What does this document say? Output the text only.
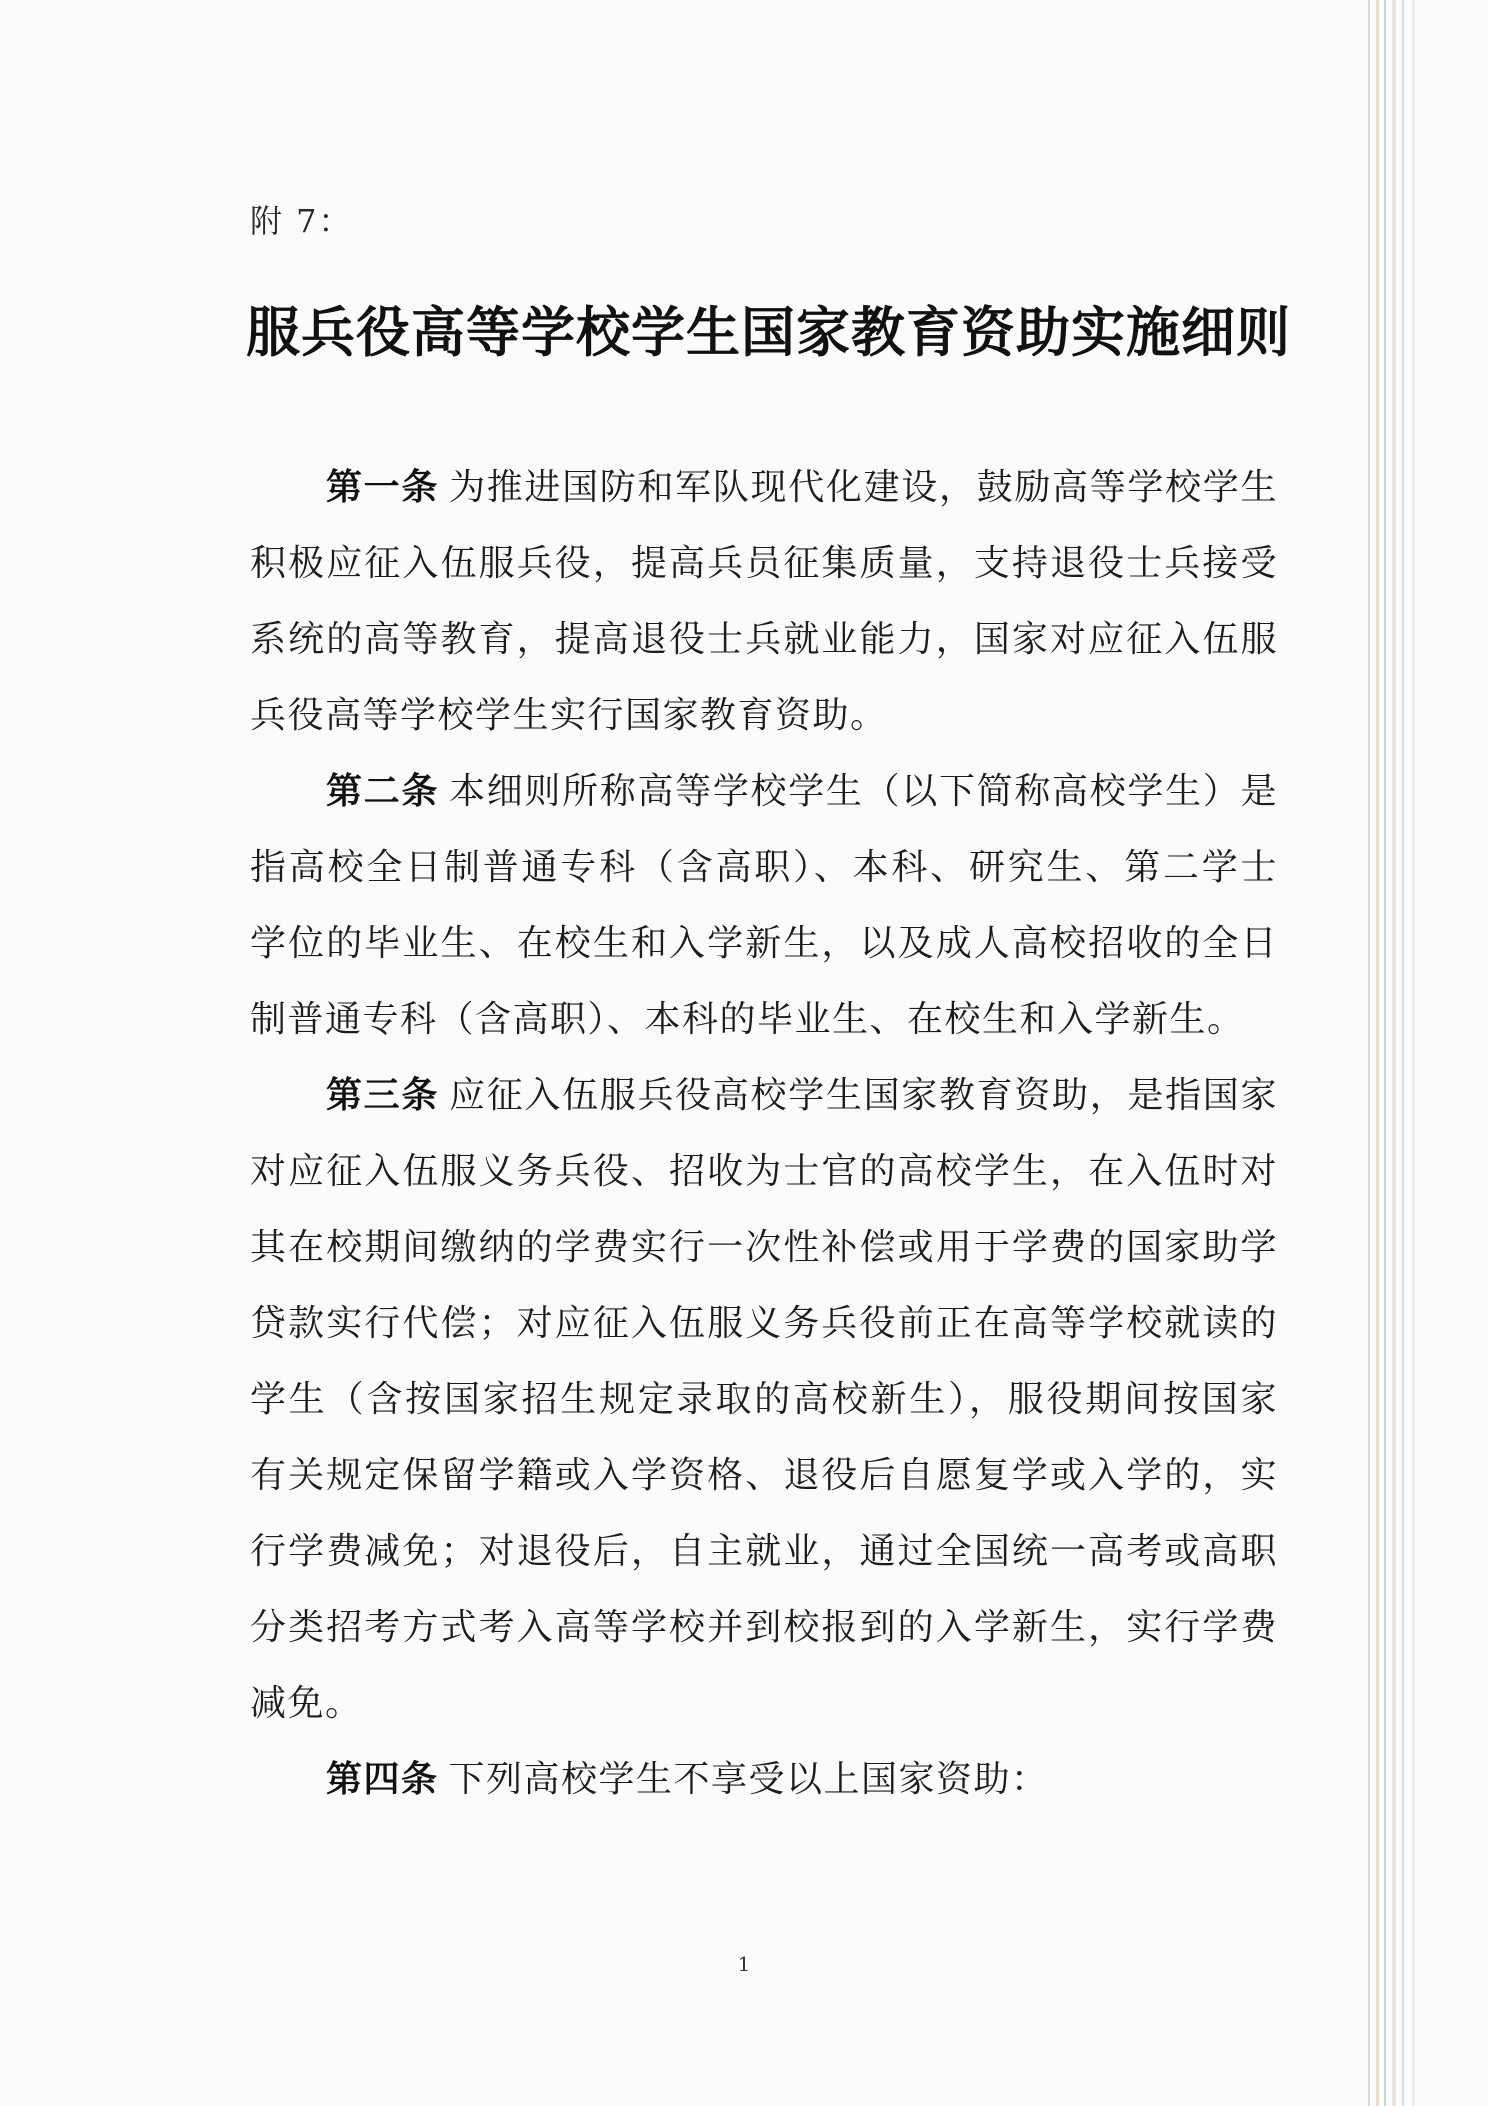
附 7：
服兵役高等学校学生国家教育资助实施细则

第一条 为推进国防和军队现代化建设，鼓励高等学校学生积极应征入伍服兵役，提高兵员征集质量，支持退役士兵接受系统的高等教育，提高退役士兵就业能力，国家对应征入伍服兵役高等学校学生实行国家教育资助。

第二条 本细则所称高等学校学生（以下简称高校学生）是指高校全日制普通专科（含高职）、本科、研究生、第二学士学位的毕业生、在校生和入学新生，以及成人高校招收的全日制普通专科（含高职）、本科的毕业生、在校生和入学新生。

第三条 应征入伍服兵役高校学生国家教育资助，是指国家对应征入伍服义务兵役、招收为士官的高校学生，在入伍时对其在校期间缴纳的学费实行一次性补偿或用于学费的国家助学贷款实行代偿；对应征入伍服义务兵役前正在高等学校就读的学生（含按国家招生规定录取的高校新生），服役期间按国家有关规定保留学籍或入学资格、退役后自愿复学或入学的，实行学费减免；对退役后，自主就业，通过全国统一高考或高职分类招考方式考入高等学校并到校报到的入学新生，实行学费减免。

第四条 下列高校学生不享受以上国家资助：

1
